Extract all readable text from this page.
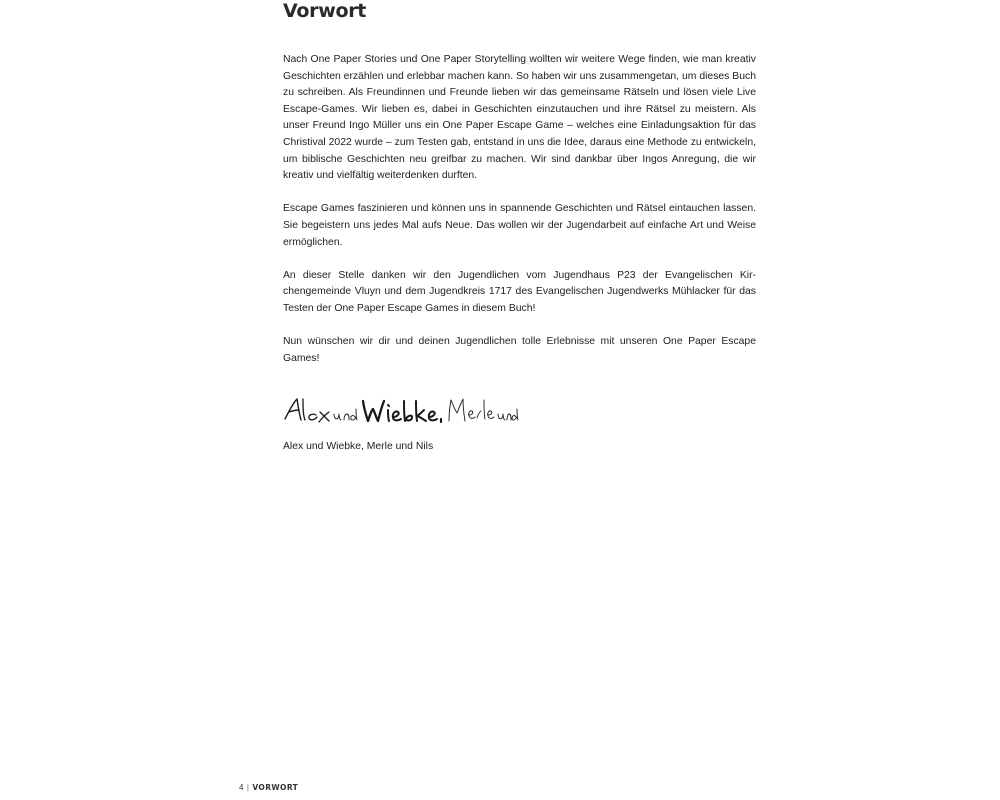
Vorwort

Nach One Paper Stories und One Paper Storytelling wollten wir weitere Wege finden, wie man kreativ Geschichten erzählen und erlebbar machen kann. So haben wir uns zusammengetan, um dieses Buch zu schreiben. Als Freundinnen und Freunde lieben wir das gemeinsame Rätseln und lösen viele Live Escape-Games. Wir lieben es, dabei in Geschichten einzutauchen und ihre Rätsel zu meistern. Als unser Freund Ingo Müller uns ein One Paper Escape Game – welches eine Einladungsaktion für das Christival 2022 wurde – zum Testen gab, entstand in uns die Idee, daraus eine Methode zu entwickeln, um biblische Geschichten neu greifbar zu machen. Wir sind dankbar über Ingos Anregung, die wir kreativ und vielfältig weiterdenken durften.

Escape Games faszinieren und können uns in spannende Geschichten und Rätsel eintauchen lassen. Sie begeistern uns jedes Mal aufs Neue. Das wollen wir der Jugendarbeit auf einfache Art und Weise ermöglichen.

An dieser Stelle danken wir den Jugendlichen vom Jugendhaus P23 der Evangelischen Kirchengemeinde Vluyn und dem Jugendkreis 1717 des Evangelischen Jugendwerks Mühlacker für das Testen der One Paper Escape Games in diesem Buch!

Nun wünschen wir dir und deinen Jugendlichen tolle Erlebnisse mit unseren One Paper Escape Games!

Alex und Wiebke, Merle und Nils
4 | VORWORT
